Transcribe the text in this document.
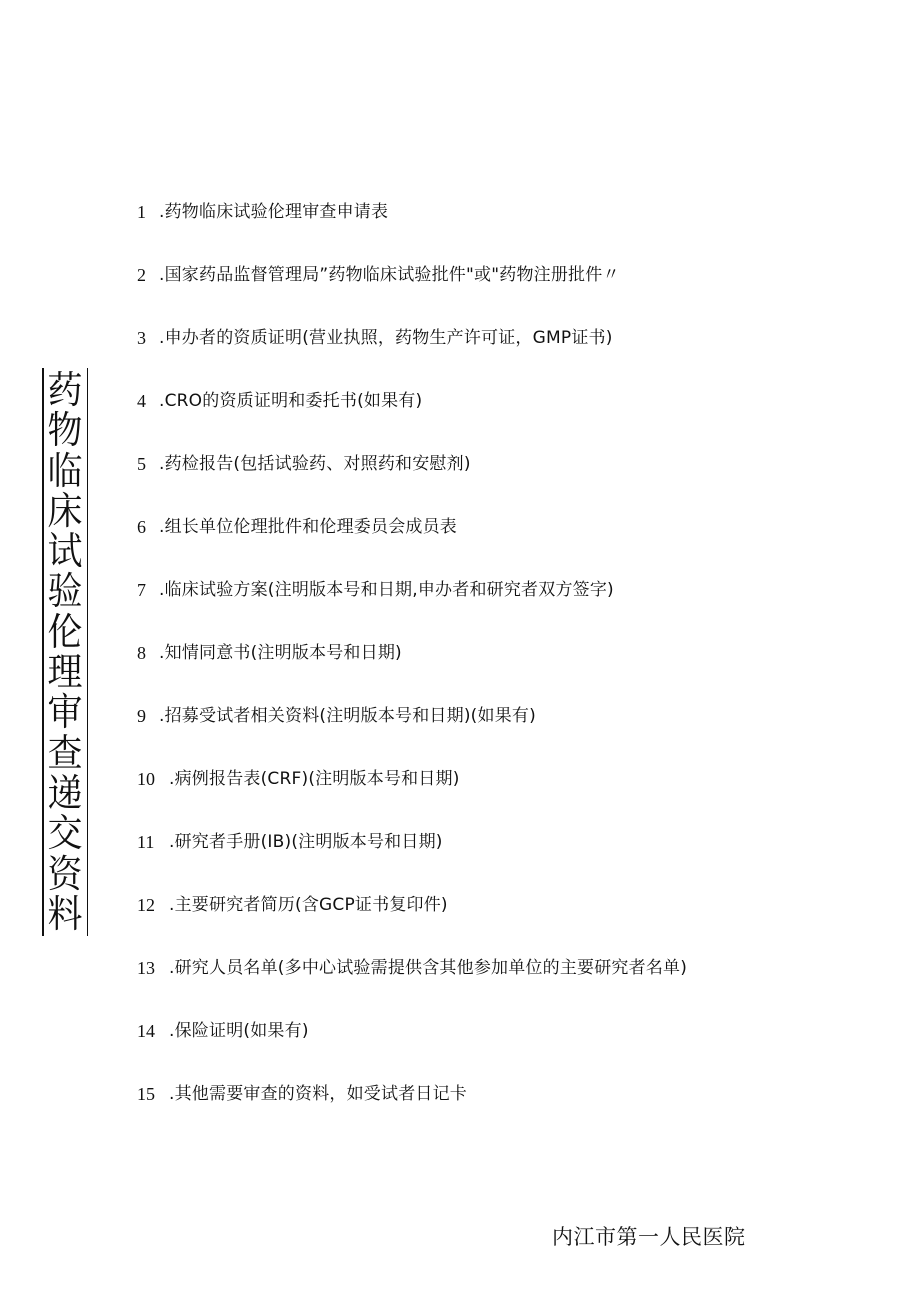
药
物
临
床
试
验
伦
理
审
查
递
交
资
料
1 .药物临床试验伦理审查申请表
2 .国家药品监督管理局”药物临床试验批件"或"药物注册批件〃
3 .申办者的资质证明(营业执照，药物生产许可证，GMP证书)
4 .CRO的资质证明和委托书(如果有)
5 .药检报告(包括试验药、对照药和安慰剂)
6 .组长单位伦理批件和伦理委员会成员表
7 .临床试验方案(注明版本号和日期,申办者和研究者双方签字)
8 .知情同意书(注明版本号和日期)
9 .招募受试者相关资料(注明版本号和日期)(如果有)
10 .病例报告表(CRF)(注明版本号和日期)
11 .研究者手册(IB)(注明版本号和日期)
12 .主要研究者简历(含GCP证书复印件)
13 .研究人员名单(多中心试验需提供含其他参加单位的主要研究者名单)
14 .保险证明(如果有)
15 .其他需要审查的资料，如受试者日记卡
内江市第一人民医院
